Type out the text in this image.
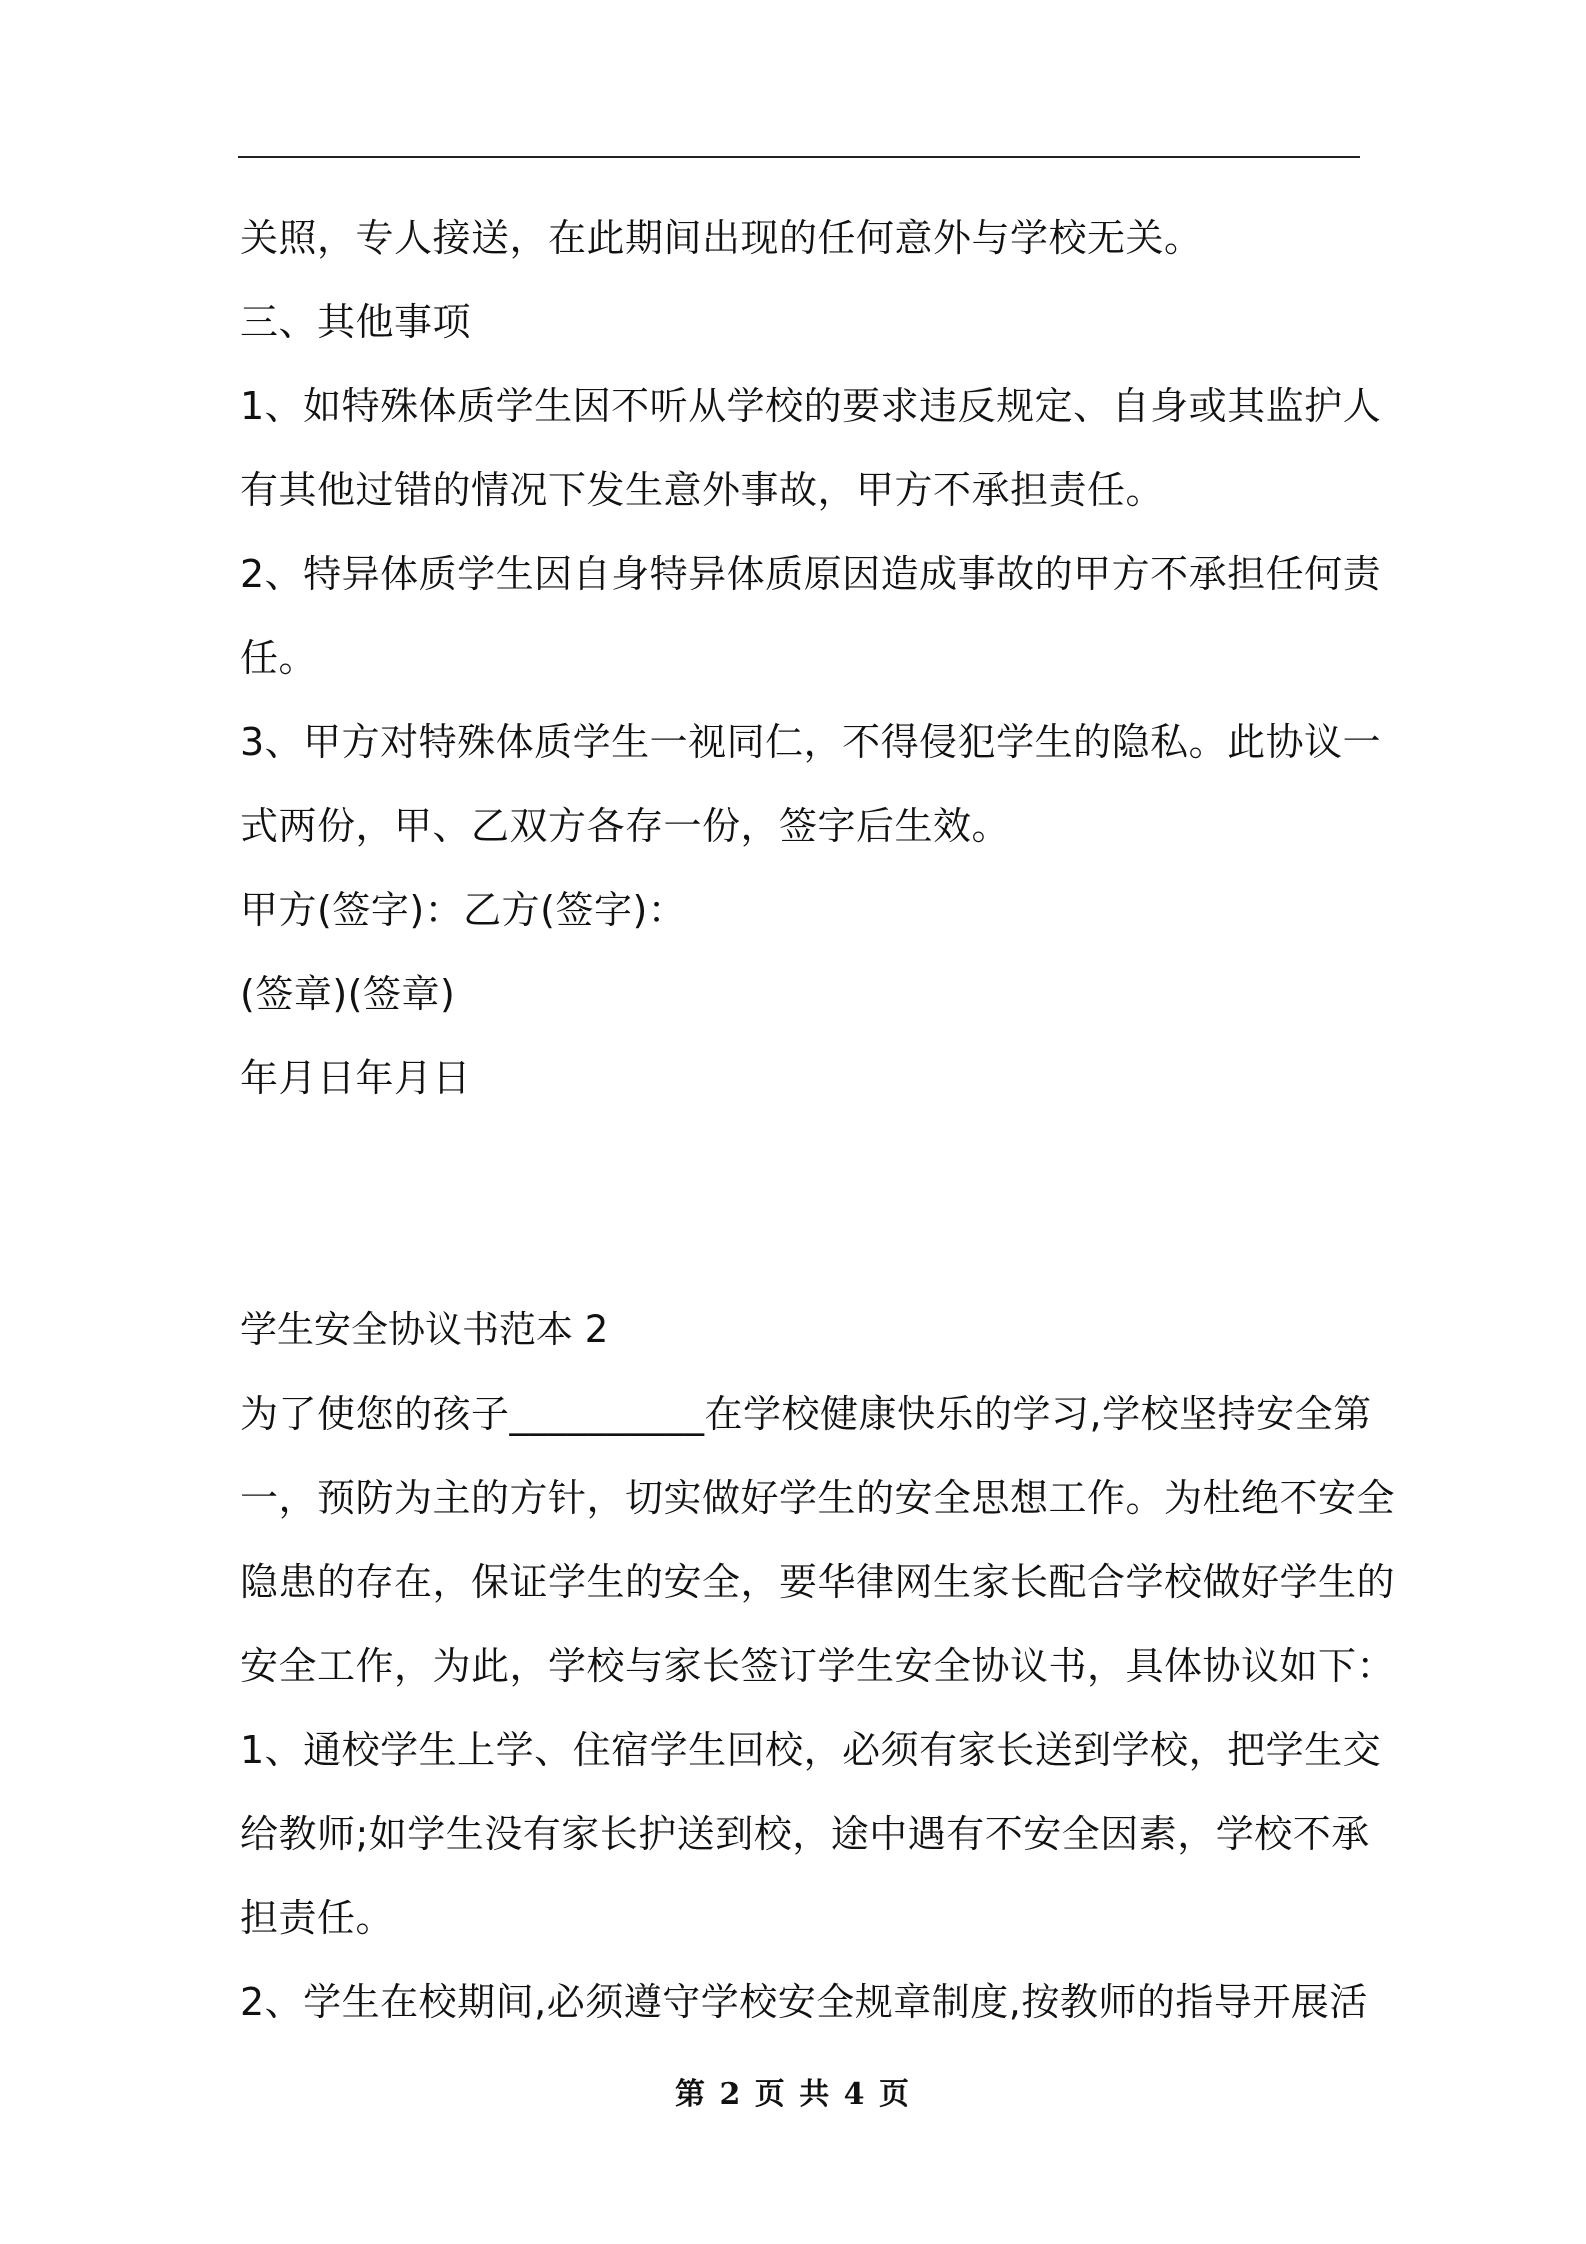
关照，专人接送，在此期间出现的任何意外与学校无关。
三、其他事项
1、如特殊体质学生因不听从学校的要求违反规定、自身或其监护人
有其他过错的情况下发生意外事故，甲方不承担责任。
2、特异体质学生因自身特异体质原因造成事故的甲方不承担任何责
任。
3、甲方对特殊体质学生一视同仁，不得侵犯学生的隐私。此协议一
式两份，甲、乙双方各存一份，签字后生效。
甲方(签字)：乙方(签字)：
(签章)(签章)
年月日年月日
学生安全协议书范本 2
为了使您的孩子__________在学校健康快乐的学习,学校坚持安全第
一，预防为主的方针，切实做好学生的安全思想工作。为杜绝不安全
隐患的存在，保证学生的安全，要华律网生家长配合学校做好学生的
安全工作，为此，学校与家长签订学生安全协议书，具体协议如下：
1、通校学生上学、住宿学生回校，必须有家长送到学校，把学生交
给教师;如学生没有家长护送到校，途中遇有不安全因素，学校不承
担责任。
2、学生在校期间,必须遵守学校安全规章制度,按教师的指导开展活
第 2 页 共 4 页
